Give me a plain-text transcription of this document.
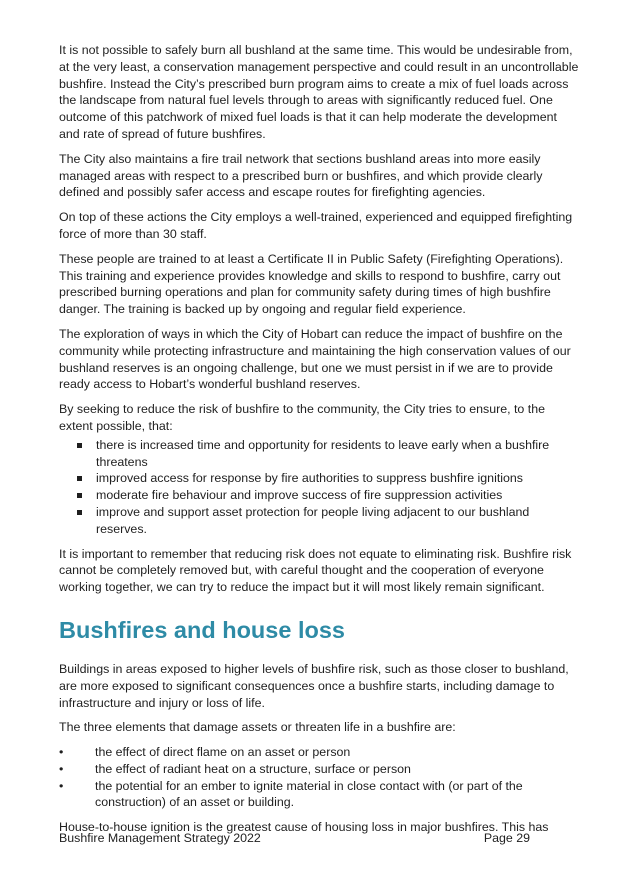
It is not possible to safely burn all bushland at the same time. This would be undesirable from, at the very least, a conservation management perspective and could result in an uncontrollable bushfire. Instead the City’s prescribed burn program aims to create a mix of fuel loads across the landscape from natural fuel levels through to areas with significantly reduced fuel. One outcome of this patchwork of mixed fuel loads is that it can help moderate the development and rate of spread of future bushfires.

The City also maintains a fire trail network that sections bushland areas into more easily managed areas with respect to a prescribed burn or bushfires, and which provide clearly defined and possibly safer access and escape routes for firefighting agencies.

On top of these actions the City employs a well-trained, experienced and equipped firefighting force of more than 30 staff.

These people are trained to at least a Certificate II in Public Safety (Firefighting Operations). This training and experience provides knowledge and skills to respond to bushfire, carry out prescribed burning operations and plan for community safety during times of high bushfire danger. The training is backed up by ongoing and regular field experience.

The exploration of ways in which the City of Hobart can reduce the impact of bushfire on the community while protecting infrastructure and maintaining the high conservation values of our bushland reserves is an ongoing challenge, but one we must persist in if we are to provide ready access to Hobart’s wonderful bushland reserves.

By seeking to reduce the risk of bushfire to the community, the City tries to ensure, to the extent possible, that:

there is increased time and opportunity for residents to leave early when a bushfire threatens
improved access for response by fire authorities to suppress bushfire ignitions
moderate fire behaviour and improve success of fire suppression activities
improve and support asset protection for people living adjacent to our bushland reserves.

It is important to remember that reducing risk does not equate to eliminating risk. Bushfire risk cannot be completely removed but, with careful thought and the cooperation of everyone working together, we can try to reduce the impact but it will most likely remain significant.

Bushfires and house loss

Buildings in areas exposed to higher levels of bushfire risk, such as those closer to bushland, are more exposed to significant consequences once a bushfire starts, including damage to infrastructure and injury or loss of life.

The three elements that damage assets or threaten life in a bushfire are:

• the effect of direct flame on an asset or person
• the effect of radiant heat on a structure, surface or person
• the potential for an ember to ignite material in close contact with (or part of the construction) of an asset or building.

House-to-house ignition is the greatest cause of housing loss in major bushfires. This has

Bushfire Management Strategy 2022	Page 29
